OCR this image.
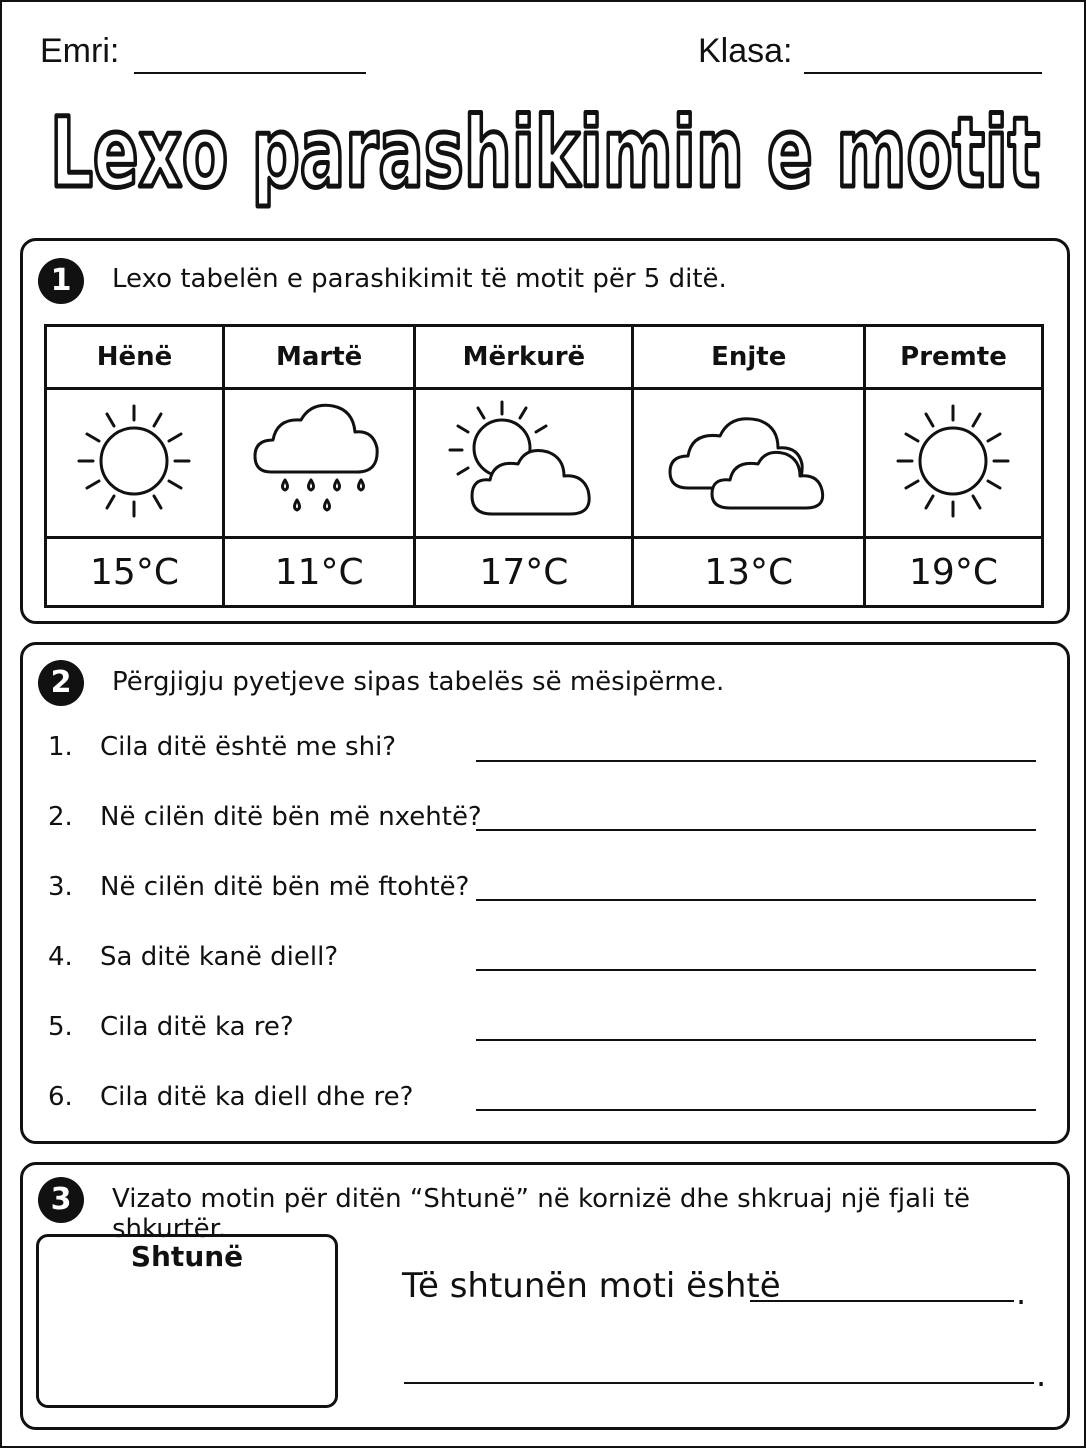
Emri:	Klasa:
Lexo parashikimin e motit
1	Lexo tabelën e parashikimit të motit për 5 ditë.
Hënë	Martë	Mërkurë	Enjte	Premte

15°C	11°C	17°C	13°C	19°C
2	Përgjigju pyetjeve sipas tabelës së mësipërme.
1. Cila ditë është me shi?
2. Në cilën ditë bën më nxehtë?
3. Në cilën ditë bën më ftohtë?
4. Sa ditë kanë diell?
5. Cila ditë ka re?
6. Cila ditë ka diell dhe re?
3	Vizato motin për ditën “Shtunë” në kornizë dhe shkruaj një fjali të shkurtër.
Shtunë
Të shtunën moti është	.
.
